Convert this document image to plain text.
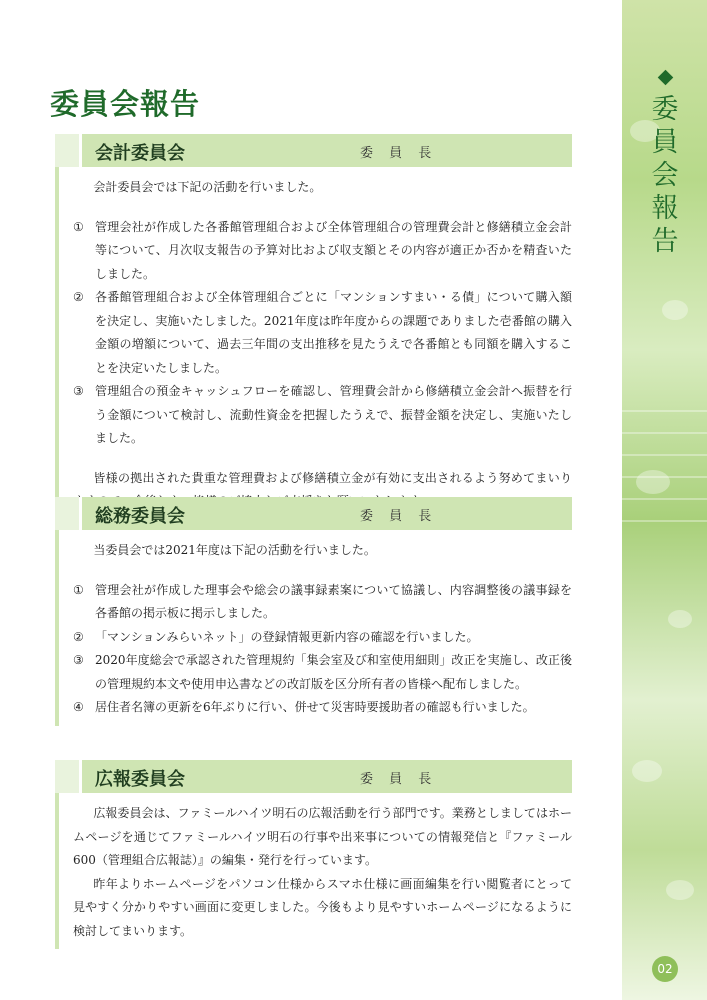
委
員
会
報
告
02
委員会報告
会計委員会	委 員 長

会計委員会では下記の活動を行いました。

① 管理会社が作成した各番館管理組合および全体管理組合の管理費会計と修繕積立金会計等について、月次収支報告の予算対比および収支額とその内容が適正か否かを精査いたしました。
② 各番館管理組合および全体管理組合ごとに「マンションすまい・る債」について購入額を決定し、実施いたしました。2021年度は昨年度からの課題でありました壱番館の購入金額の増額について、過去三年間の支出推移を見たうえで各番館とも同額を購入することを決定いたしました。
③ 管理組合の預金キャッシュフローを確認し、管理費会計から修繕積立金会計へ振替を行う金額について検討し、流動性資金を把握したうえで、振替金額を決定し、実施いたしました。

皆様の拠出された貴重な管理費および修繕積立金が有効に支出されるよう努めてまいり

総務委員会	委 員 長

当委員会では2021年度は下記の活動を行いました。

① 管理会社が作成した理事会や総会の議事録素案について協議し、内容調整後の議事録を各番館の掲示板に掲示しました。
② 「マンションみらいネット」の登録情報更新内容の確認を行いました。
③ 2020年度総会で承認された管理規約「集会室及び和室使用細則」改正を実施し、改正後の管理規約本文や使用申込書などの改訂版を区分所有者の皆様へ配布しました。
④ 居住者名簿の更新を6年ぶりに行い、併せて災害時要援助者の確認も行いました。
広報委員会	委 員 長

広報委員会は、ファミールハイツ明石の広報活動を行う部門です。業務としましてはホームページを通じてファミールハイツ明石の行事や出来事についての情報発信と『ファミール600（管理組合広報誌）』の編集・発行を行っています。

昨年よりホームページをパソコン仕様からスマホ仕様に画面編集を行い閲覧者にとって見やすく分かりやすい画面に変更しました。今後もより見やすいホームページになるように検討してまいります。
